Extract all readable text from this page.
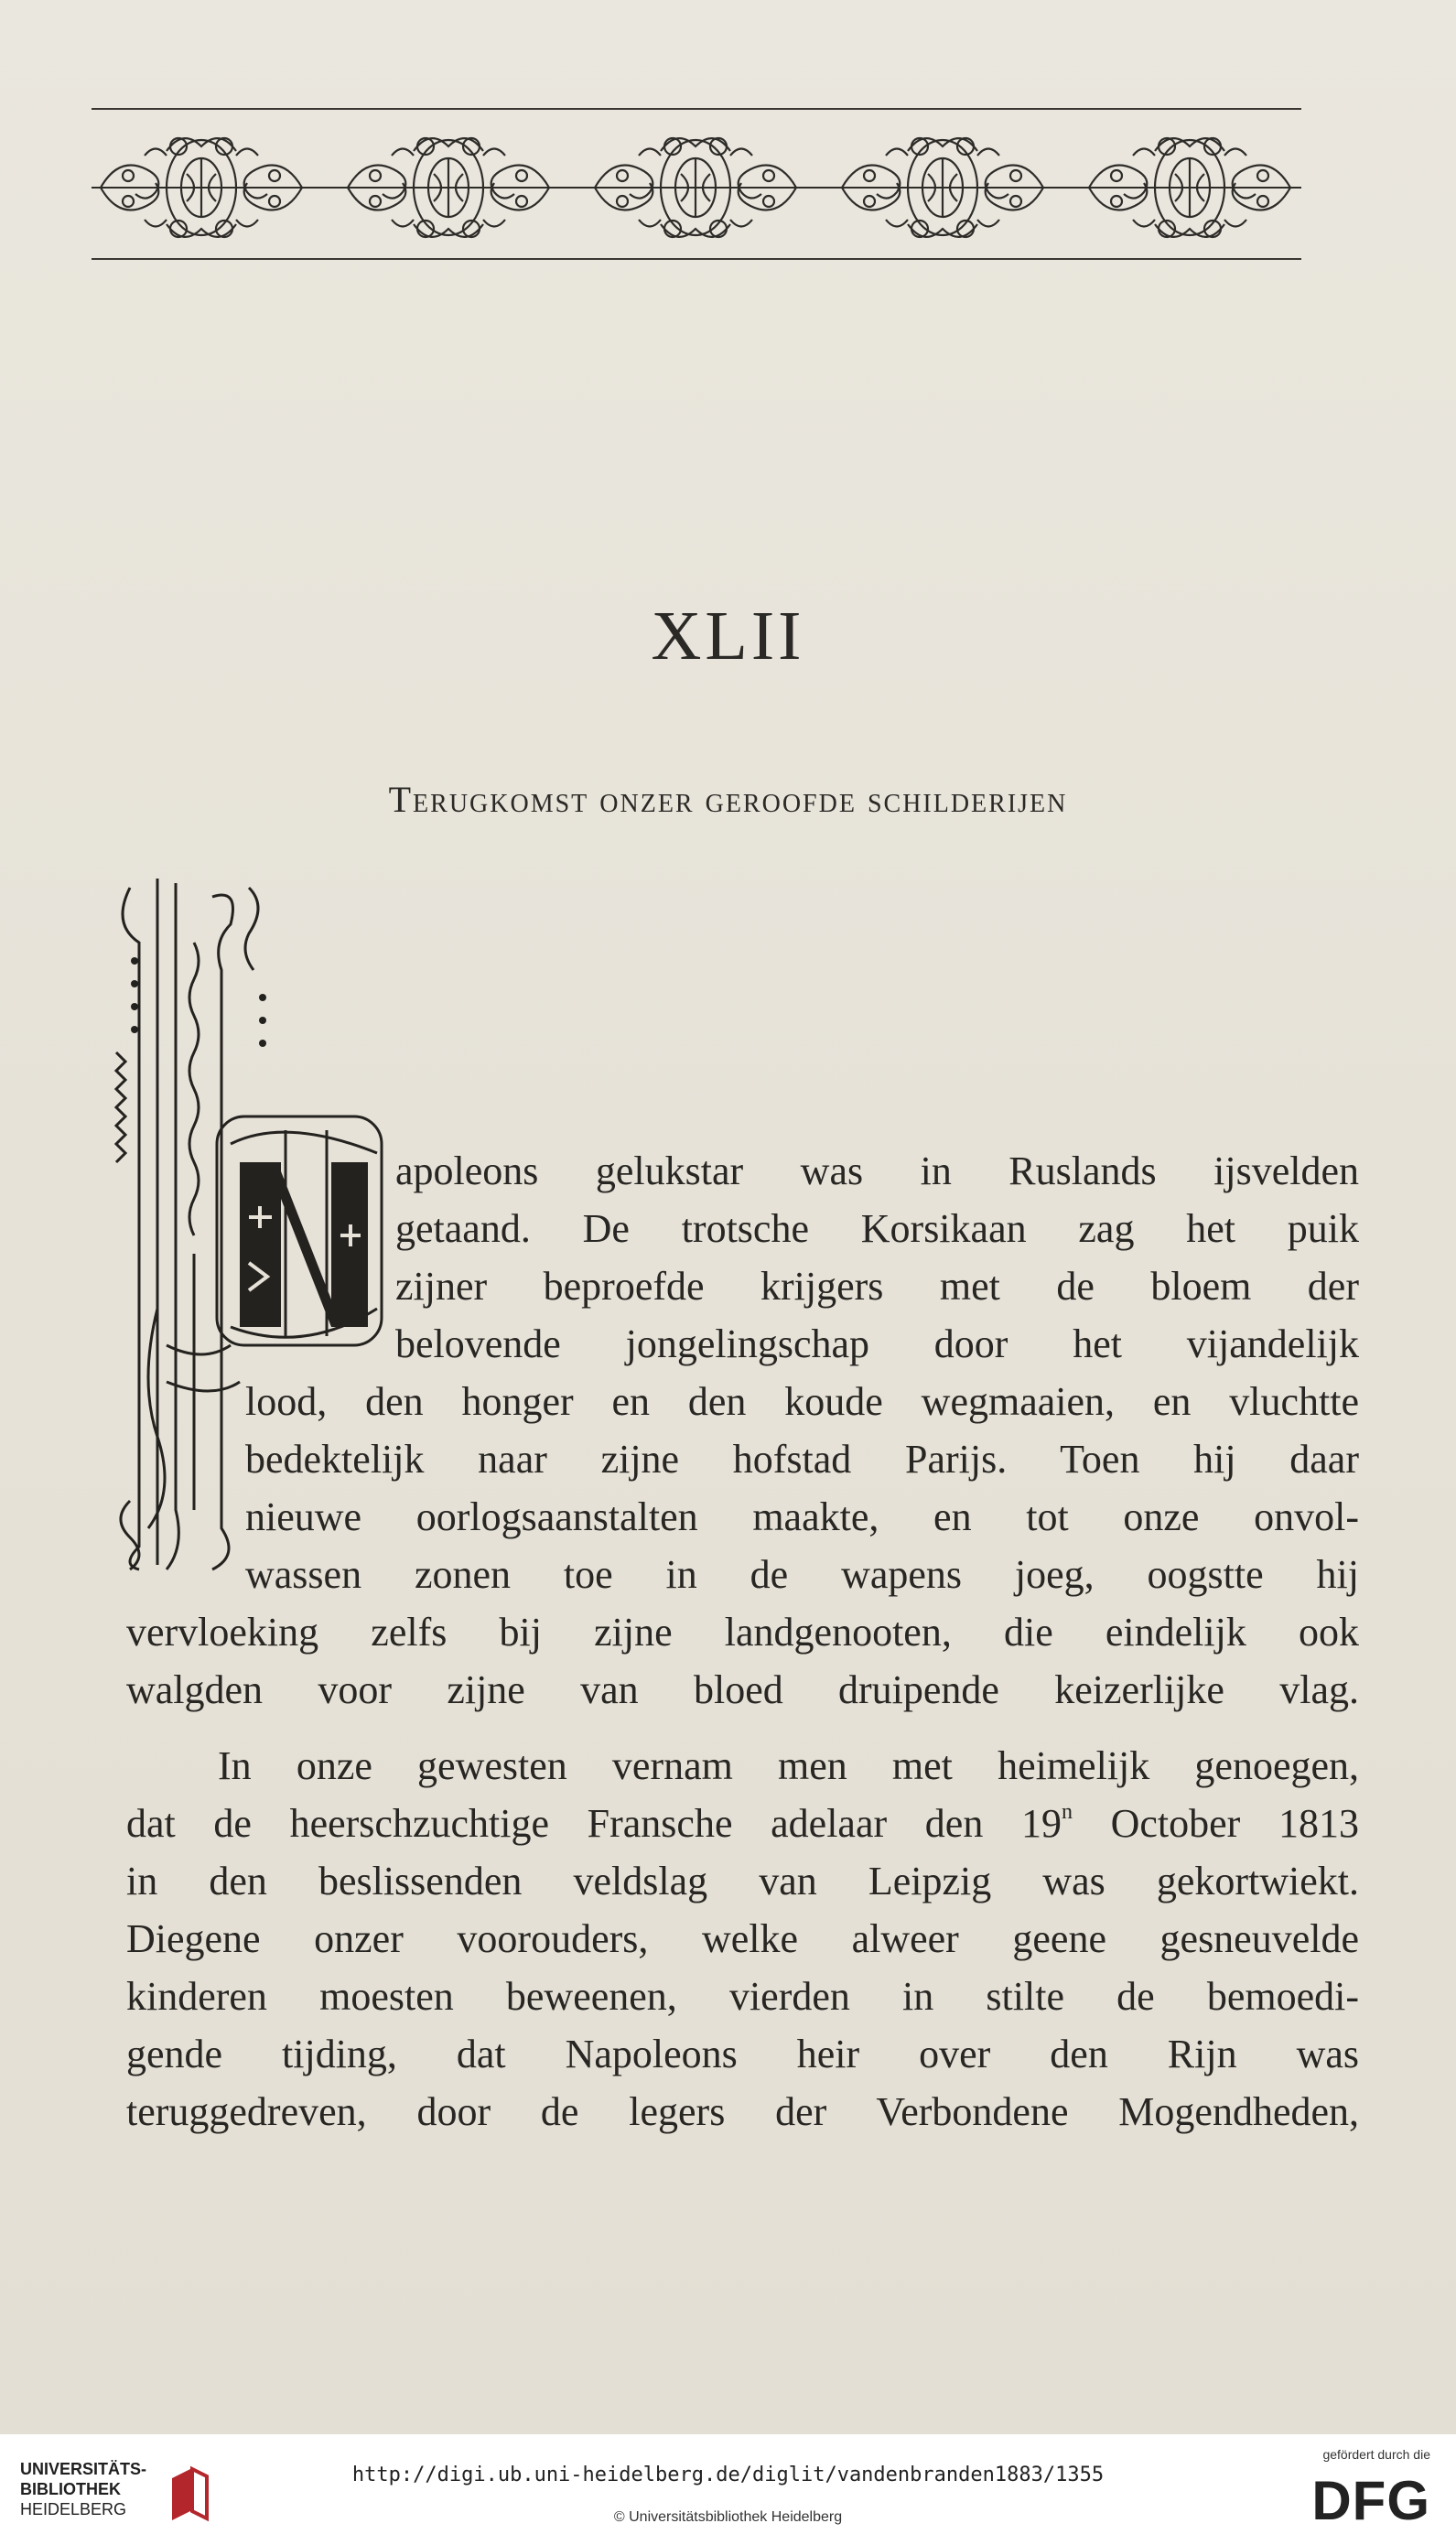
XLII
Terugkomst onzer geroofde schilderijen
N
apoleons gelukstar was in Ruslands ijsvelden
getaand. De trotsche Korsikaan zag het puik
zijner beproefde krijgers met de bloem der
belovende jongelingschap door het vijandelijk
lood, den honger en den koude wegmaaien, en vluchtte
bedektelijk naar zijne hofstad Parijs. Toen hij daar
nieuwe oorlogsaanstalten maakte, en tot onze onvol-
wassen zonen toe in de wapens joeg, oogstte hij
vervloeking zelfs bij zijne landgenooten, die eindelijk ook
walgden voor zijne van bloed druipende keizerlijke vlag.
In onze gewesten vernam men met heimelijk genoegen,
dat de heerschzuchtige Fransche adelaar den 19$^n$ October 1813
in den beslissenden veldslag van Leipzig was gekortwiekt.
Diegene onzer voorouders, welke alweer geene gesneuvelde
kinderen moesten beweenen, vierden in stilte de bemoedi-
gende tijding, dat Napoleons heir over den Rijn was
teruggedreven, door de legers der Verbondene Mogendheden,
UNIVERSITÄTS-
BIBLIOTHEK
HEIDELBERG
http://digi.ub.uni-heidelberg.de/diglit/vandenbranden1883/1355
© Universitätsbibliothek Heidelberg
gefördert durch die
DFG
